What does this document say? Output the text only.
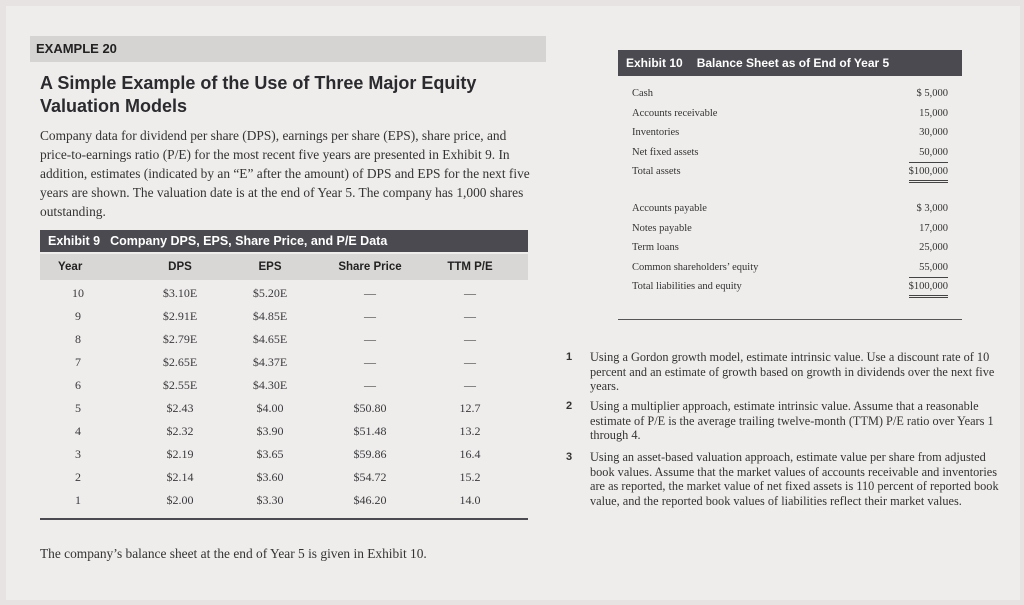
EXAMPLE 20
A Simple Example of the Use of Three Major Equity Valuation Models
Company data for dividend per share (DPS), earnings per share (EPS), share price, and price-to-earnings ratio (P/E) for the most recent five years are presented in Exhibit 9. In addition, estimates (indicated by an “E” after the amount) of DPS and EPS for the next five years are shown. The valuation date is at the end of Year 5. The company has 1,000 shares outstanding.
Exhibit 9 Company DPS, EPS, Share Price, and P/E Data
Year	DPS	EPS	Share Price	TTM P/E
10	$3.10E	$5.20E	—	—
9	$2.91E	$4.85E	—	—
8	$2.79E	$4.65E	—	—
7	$2.65E	$4.37E	—	—
6	$2.55E	$4.30E	—	—
5	$2.43	$4.00	$50.80	12.7
4	$2.32	$3.90	$51.48	13.2
3	$2.19	$3.65	$59.86	16.4
2	$2.14	$3.60	$54.72	15.2
1	$2.00	$3.30	$46.20	14.0
The company’s balance sheet at the end of Year 5 is given in Exhibit 10.
Exhibit 10 Balance Sheet as of End of Year 5
Cash	$ 5,000
Accounts receivable	15,000
Inventories	30,000
Net fixed assets	50,000
Total assets	$100,000
Accounts payable	$ 3,000
Notes payable	17,000
Term loans	25,000
Common shareholders’ equity	55,000
Total liabilities and equity	$100,000
1 Using a Gordon growth model, estimate intrinsic value. Use a discount rate of 10 percent and an estimate of growth based on growth in dividends over the next five years.
2 Using a multiplier approach, estimate intrinsic value. Assume that a reasonable estimate of P/E is the average trailing twelve-month (TTM) P/E ratio over Years 1 through 4.
3 Using an asset-based valuation approach, estimate value per share from adjusted book values. Assume that the market values of accounts receivable and inventories are as reported, the market value of net fixed assets is 110 percent of reported book value, and the reported book values of liabilities reflect their market values.
